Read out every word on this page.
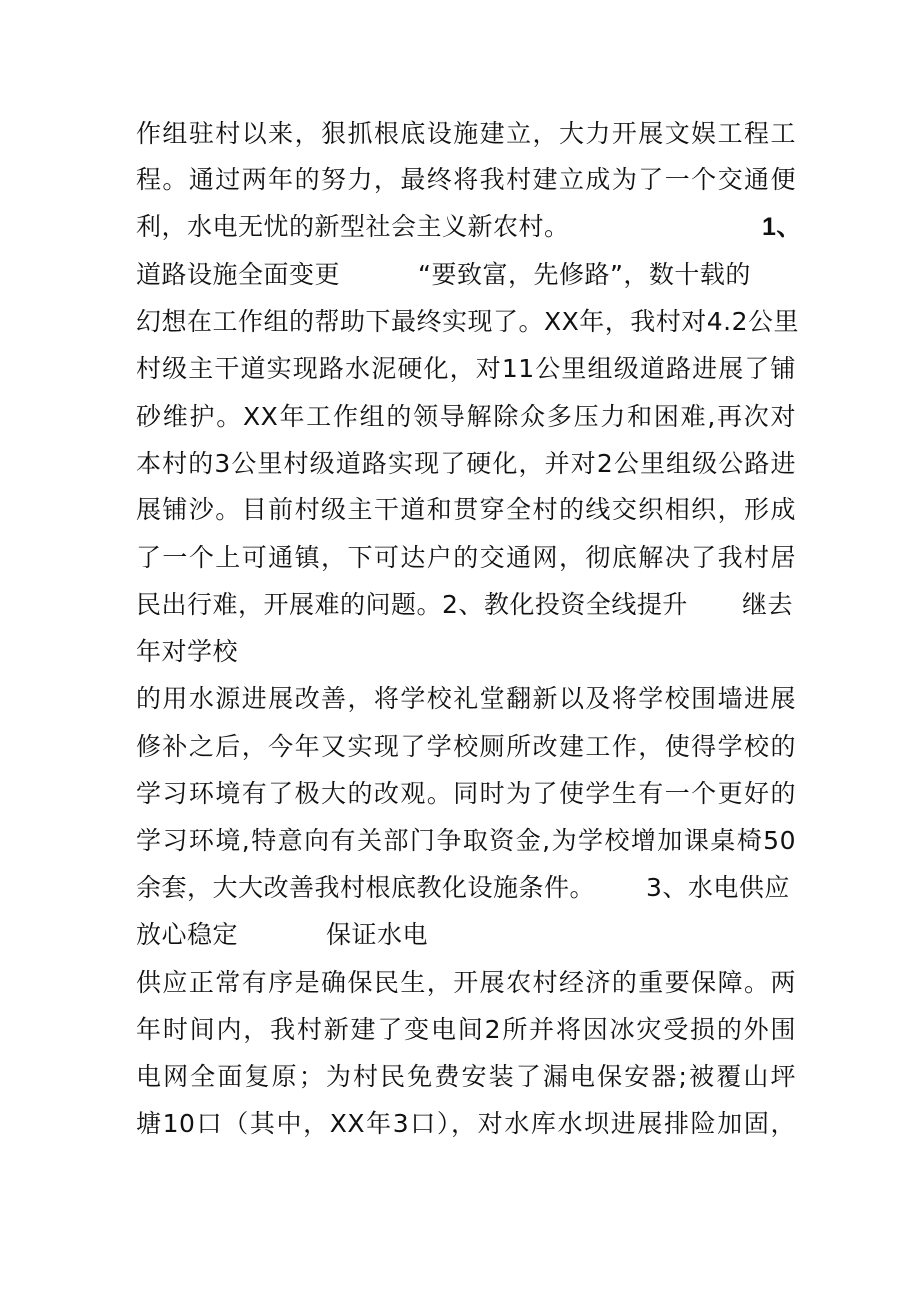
作组驻村以来，狠抓根底设施建立，大力开展文娱工程工
程。通过两年的努力，最终将我村建立成为了一个交通便
利，水电无忧的新型社会主义新农村。	1、
道路设施全面变更	“要致富，先修路”，数十载的
幻想在工作组的帮助下最终实现了。XX年，我村对4.2公里
村级主干道实现路水泥硬化，对11公里组级道路进展了铺
砂维护。XX年工作组的领导解除众多压力和困难,再次对
本村的3公里村级道路实现了硬化，并对2公里组级公路进
展铺沙。目前村级主干道和贯穿全村的线交织相织，形成
了一个上可通镇，下可达户的交通网，彻底解决了我村居
民出行难，开展难的问题。2、教化投资全线提升 继去
年对学校
的用水源进展改善，将学校礼堂翻新以及将学校围墙进展
修补之后，今年又实现了学校厕所改建工作，使得学校的
学习环境有了极大的改观。同时为了使学生有一个更好的
学习环境,特意向有关部门争取资金,为学校增加课桌椅50
余套，大大改善我村根底教化设施条件。 3、水电供应
放心稳定	保证水电
供应正常有序是确保民生，开展农村经济的重要保障。两
年时间内，我村新建了变电间2所并将因冰灾受损的外围
电网全面复原；为村民免费安装了漏电保安器;被覆山坪
塘10口（其中，XX年3口），对水库水坝进展排险加固，
